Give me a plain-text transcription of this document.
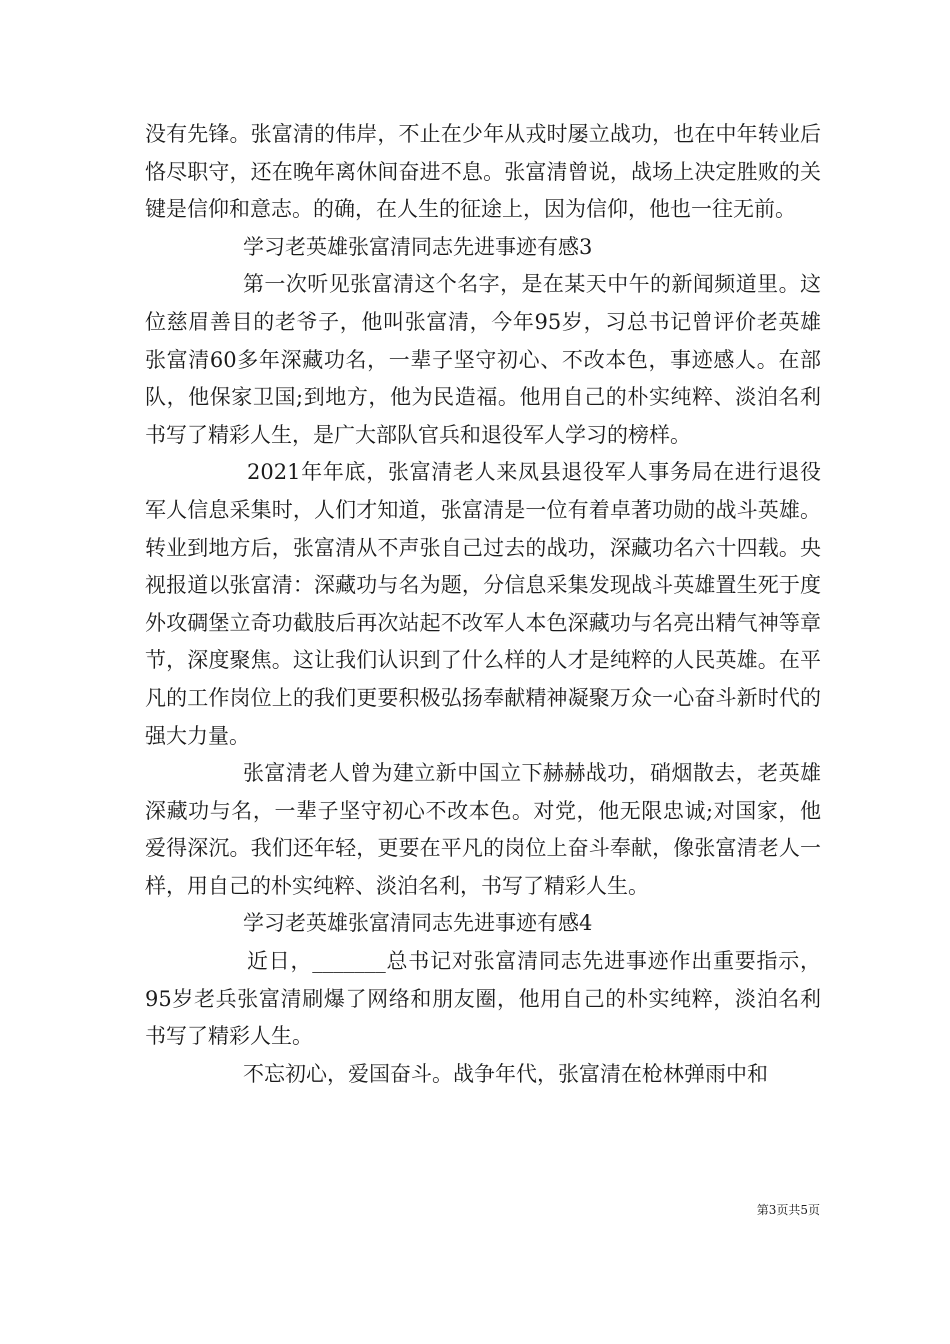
没有先锋。张富清的伟岸，不止在少年从戎时屡立战功，也在中年转业后恪尽职守，还在晚年离休间奋进不息。张富清曾说，战场上决定胜败的关键是信仰和意志。的确，在人生的征途上，因为信仰，他也一往无前。

学习老英雄张富清同志先进事迹有感3

第一次听见张富清这个名字，是在某天中午的新闻频道里。这位慈眉善目的老爷子，他叫张富清，今年95岁，习总书记曾评价老英雄张富清60多年深藏功名，一辈子坚守初心、不改本色，事迹感人。在部队，他保家卫国;到地方，他为民造福。他用自己的朴实纯粹、淡泊名利书写了精彩人生，是广大部队官兵和退役军人学习的榜样。

2021年年底，张富清老人来凤县退役军人事务局在进行退役军人信息采集时，人们才知道，张富清是一位有着卓著功勋的战斗英雄。转业到地方后，张富清从不声张自己过去的战功，深藏功名六十四载。央视报道以张富清：深藏功与名为题，分信息采集发现战斗英雄置生死于度外攻碉堡立奇功截肢后再次站起不改军人本色深藏功与名亮出精气神等章节，深度聚焦。这让我们认识到了什么样的人才是纯粹的人民英雄。在平凡的工作岗位上的我们更要积极弘扬奉献精神凝聚万众一心奋斗新时代的强大力量。

张富清老人曾为建立新中国立下赫赫战功，硝烟散去，老英雄深藏功与名，一辈子坚守初心不改本色。对党，他无限忠诚;对国家，他爱得深沉。我们还年轻，更要在平凡的岗位上奋斗奉献，像张富清老人一样，用自己的朴实纯粹、淡泊名利，书写了精彩人生。

学习老英雄张富清同志先进事迹有感4

近日，_______总书记对张富清同志先进事迹作出重要指示，95岁老兵张富清刷爆了网络和朋友圈，他用自己的朴实纯粹，淡泊名利书写了精彩人生。

不忘初心，爱国奋斗。战争年代，张富清在枪林弹雨中和

第3页共5页
